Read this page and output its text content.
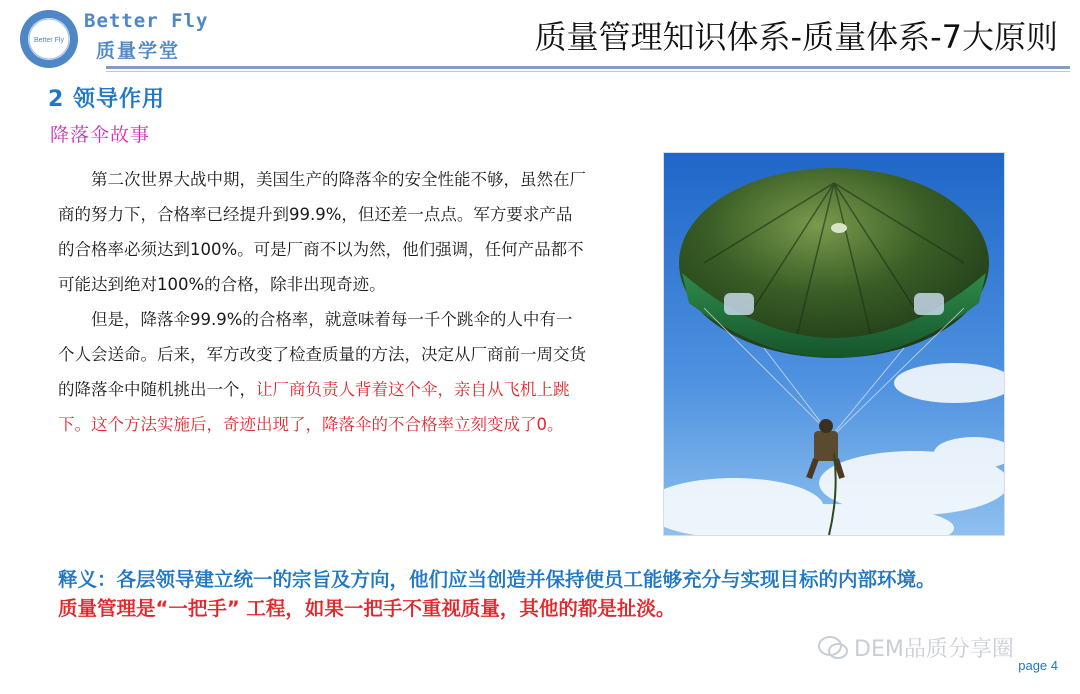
Better Fly
Better Fly
质量学堂	质量管理知识体系-质量体系-7大原则
2 领导作用
降落伞故事

第二次世界大战中期，美国生产的降落伞的安全性能不够，虽然在厂商的努力下，合格率已经提升到99.9%，但还差一点点。军方要求产品的合格率必须达到100%。可是厂商不以为然，他们强调，任何产品都不可能达到绝对100%的合格，除非出现奇迹。

但是，降落伞99.9%的合格率，就意味着每一千个跳伞的人中有一个人会送命。后来，军方改变了检查质量的方法，决定从厂商前一周交货的降落伞中随机挑出一个，让厂商负责人背着这个伞，亲自从飞机上跳下。这个方法实施后，奇迹出现了，降落伞的不合格率立刻变成了0。

释义：各层领导建立统一的宗旨及方向，他们应当创造并保持使员工能够充分与实现目标的内部环境。
质量管理是“一把手” 工程，如果一把手不重视质量，其他的都是扯淡。
DEM品质分享圈
page 4
